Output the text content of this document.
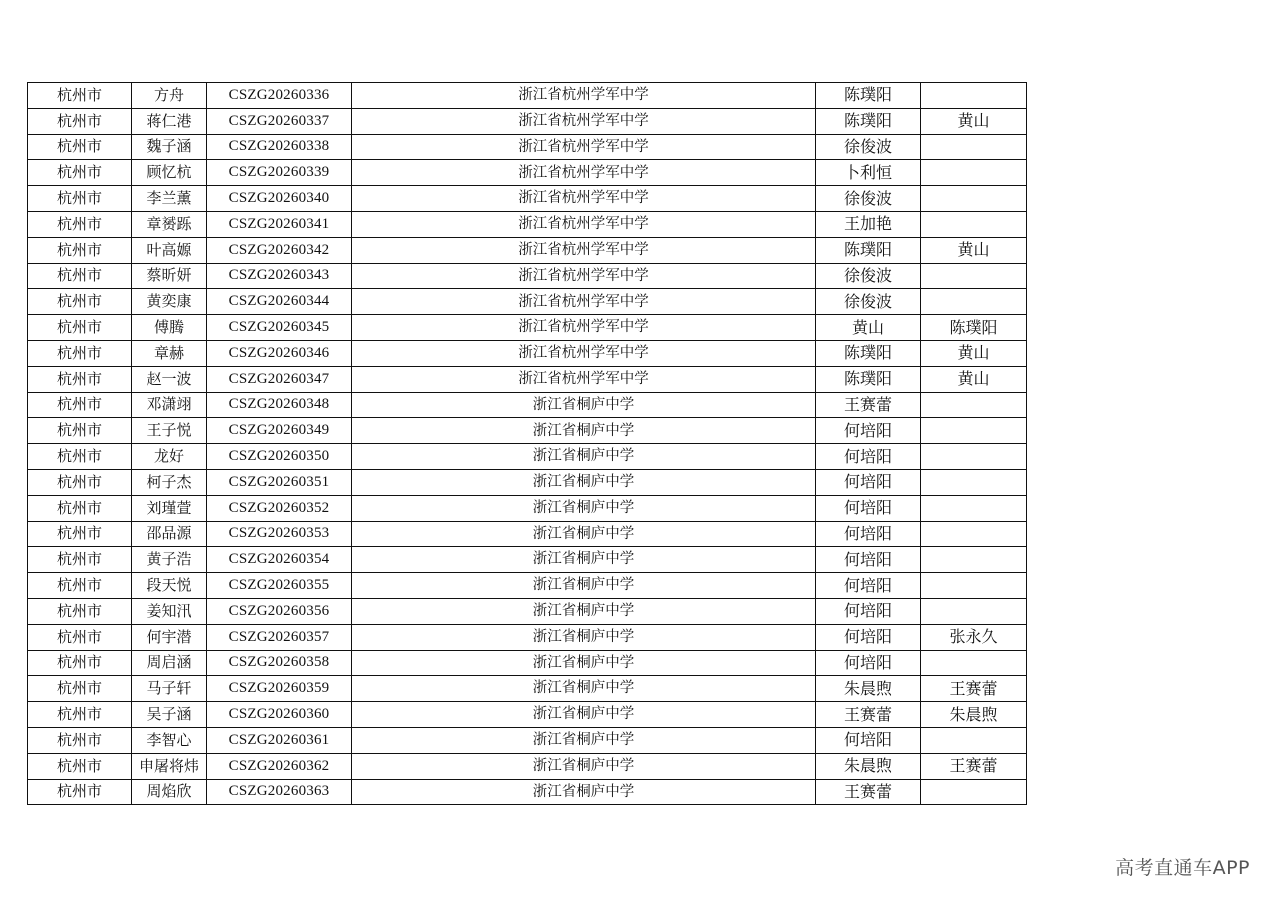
杭州市	方舟	CSZG20260336	浙江省杭州学军中学	陈璞阳	
杭州市	蒋仁港	CSZG20260337	浙江省杭州学军中学	陈璞阳	黄山
杭州市	魏子涵	CSZG20260338	浙江省杭州学军中学	徐俊波	
杭州市	顾忆杭	CSZG20260339	浙江省杭州学军中学	卜利恒	
杭州市	李兰薰	CSZG20260340	浙江省杭州学军中学	徐俊波	
杭州市	章赟跞	CSZG20260341	浙江省杭州学军中学	王加艳	
杭州市	叶高嫄	CSZG20260342	浙江省杭州学军中学	陈璞阳	黄山
杭州市	蔡昕妍	CSZG20260343	浙江省杭州学军中学	徐俊波	
杭州市	黄奕康	CSZG20260344	浙江省杭州学军中学	徐俊波	
杭州市	傅腾	CSZG20260345	浙江省杭州学军中学	黄山	陈璞阳
杭州市	章赫	CSZG20260346	浙江省杭州学军中学	陈璞阳	黄山
杭州市	赵一波	CSZG20260347	浙江省杭州学军中学	陈璞阳	黄山
杭州市	邓潇翊	CSZG20260348	浙江省桐庐中学	王赛蕾	
杭州市	王子悦	CSZG20260349	浙江省桐庐中学	何培阳	
杭州市	龙好	CSZG20260350	浙江省桐庐中学	何培阳	
杭州市	柯子杰	CSZG20260351	浙江省桐庐中学	何培阳	
杭州市	刘瑾萱	CSZG20260352	浙江省桐庐中学	何培阳	
杭州市	邵品源	CSZG20260353	浙江省桐庐中学	何培阳	
杭州市	黄子浩	CSZG20260354	浙江省桐庐中学	何培阳	
杭州市	段天悦	CSZG20260355	浙江省桐庐中学	何培阳	
杭州市	姜知汛	CSZG20260356	浙江省桐庐中学	何培阳	
杭州市	何宇潜	CSZG20260357	浙江省桐庐中学	何培阳	张永久
杭州市	周启涵	CSZG20260358	浙江省桐庐中学	何培阳	
杭州市	马子轩	CSZG20260359	浙江省桐庐中学	朱晨煦	王赛蕾
杭州市	吴子涵	CSZG20260360	浙江省桐庐中学	王赛蕾	朱晨煦
杭州市	李智心	CSZG20260361	浙江省桐庐中学	何培阳	
杭州市	申屠将炜	CSZG20260362	浙江省桐庐中学	朱晨煦	王赛蕾
杭州市	周焰欣	CSZG20260363	浙江省桐庐中学	王赛蕾	
高考直通车APP
